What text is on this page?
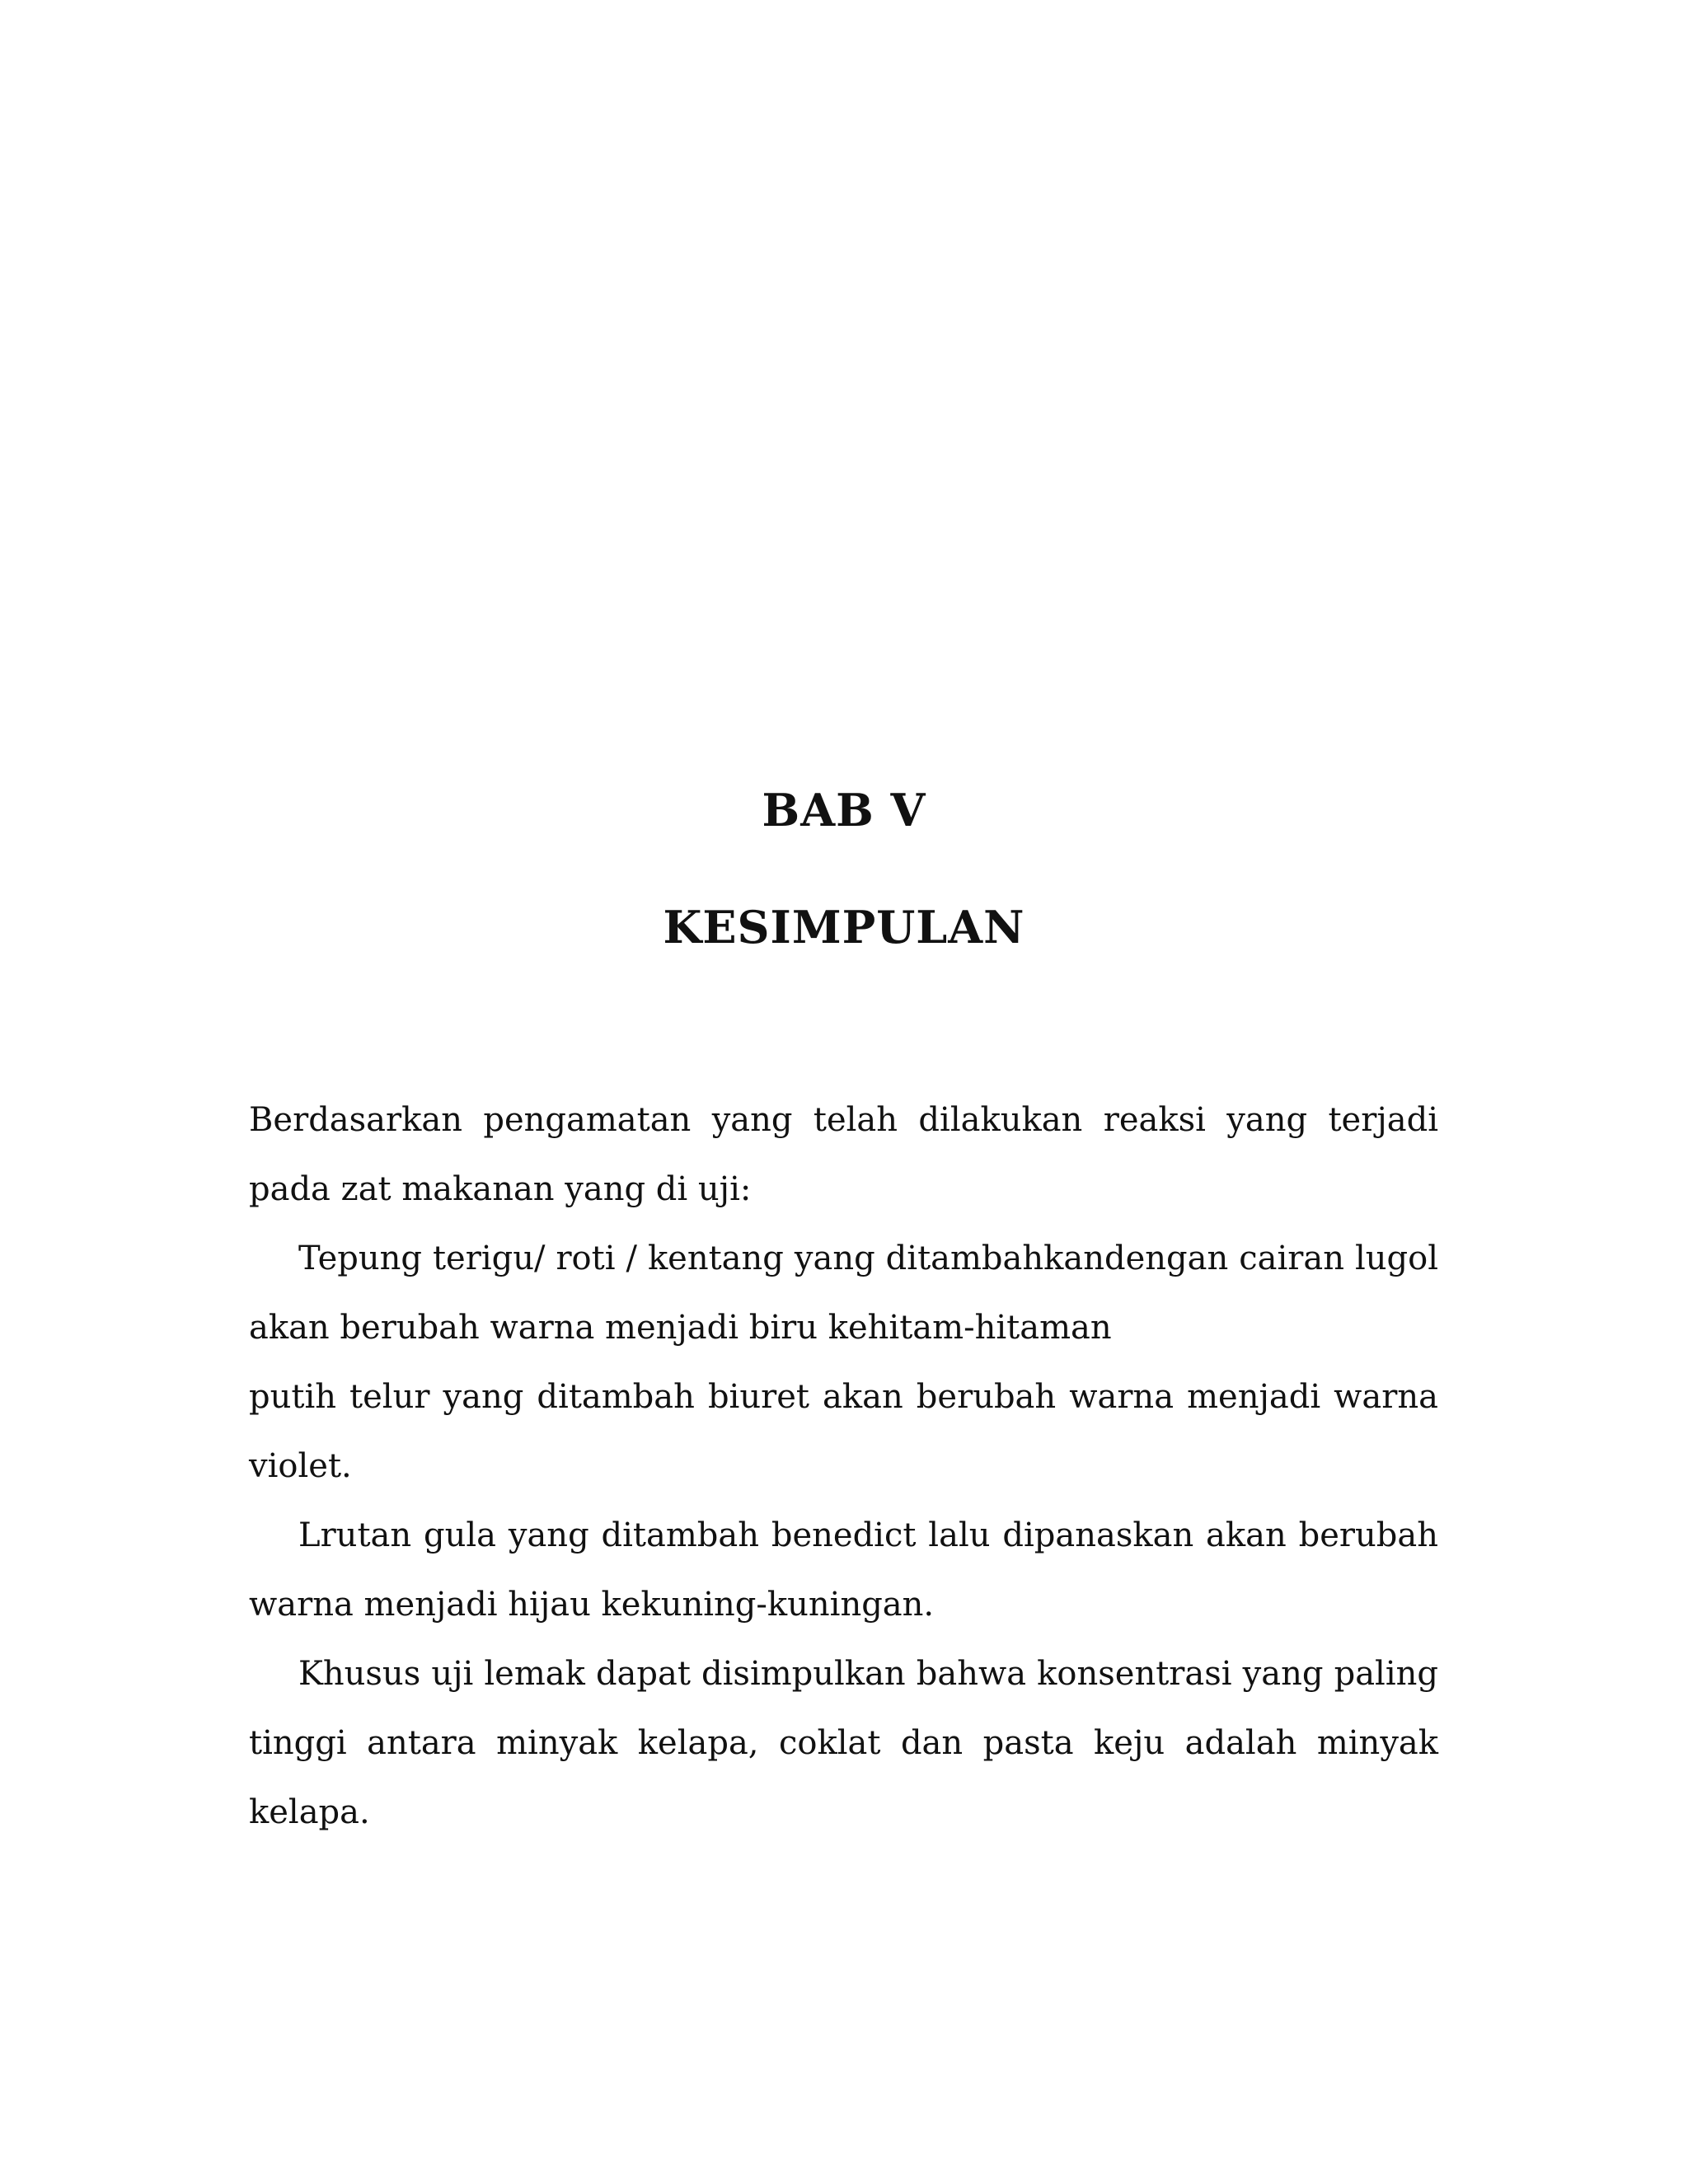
BAB V
KESIMPULAN

Berdasarkan pengamatan yang telah dilakukan reaksi yang terjadi pada zat makanan yang di uji:

Tepung terigu/ roti / kentang yang ditambahkandengan cairan lugol akan berubah warna menjadi biru kehitam-hitaman

putih telur yang ditambah biuret akan berubah warna menjadi warna violet.

Lrutan gula yang ditambah benedict lalu dipanaskan akan berubah warna menjadi hijau kekuning-kuningan.

Khusus uji lemak dapat disimpulkan bahwa konsentrasi yang paling tinggi antara minyak kelapa, coklat dan pasta keju adalah minyak kelapa.
